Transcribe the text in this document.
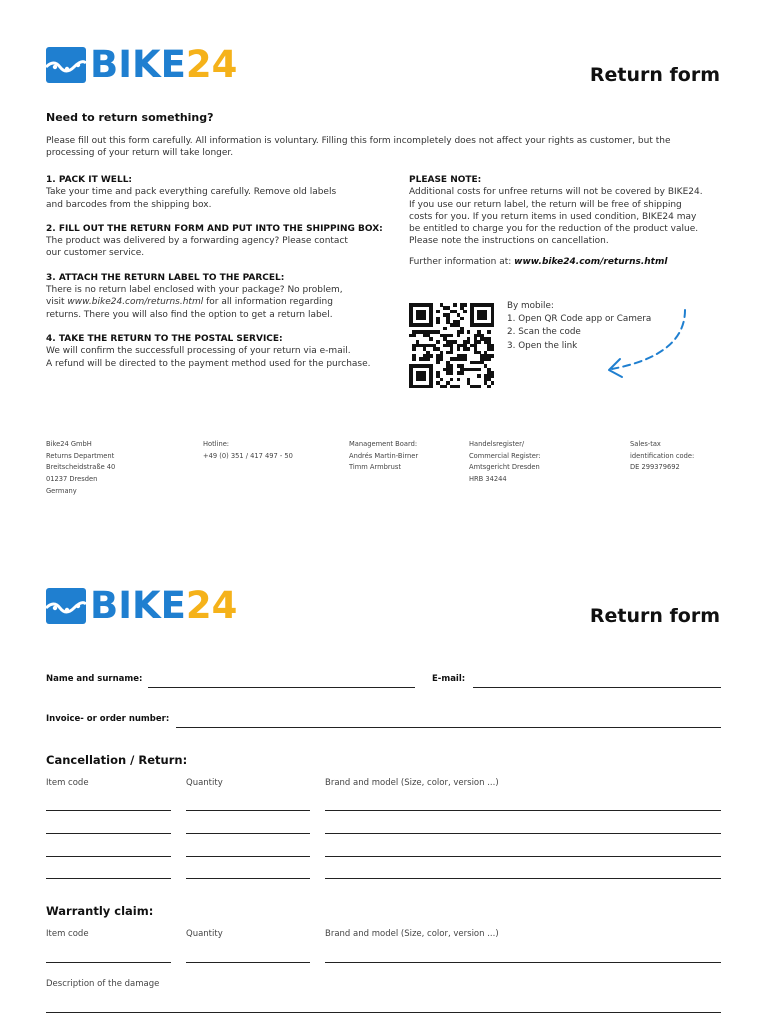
BIKE24	Return form
Need to return something?
Please fill out this form carefully. All information is voluntary. Filling this form incompletely does not affect your rights as customer, but the processing of your return will take longer.
1. PACK IT WELL:

Take your time and pack everything carefully. Remove old labels

and barcodes from the shipping box.

2. FILL OUT THE RETURN FORM AND PUT INTO THE SHIPPING BOX:

The product was delivered by a forwarding agency? Please contact

our customer service.

3. ATTACH THE RETURN LABEL TO THE PARCEL:

There is no return label enclosed with your package? No problem,

visit www.bike24.com/returns.html for all information regarding

returns. There you will also find the option to get a return label.

4. TAKE THE RETURN TO THE POSTAL SERVICE:

We will confirm the successfull processing of your return via e-mail.

A refund will be directed to the payment method used for the purchase.

PLEASE NOTE:

Additional costs for unfree returns will not be covered by BIKE24.

If you use our return label, the return will be free of shipping

costs for you. If you return items in used condition, BIKE24 may

be entitled to charge you for the reduction of the product value.

Please note the instructions on cancellation.

Further information at: www.bike24.com/returns.html

By mobile:

1. Open QR Code app or Camera

2. Scan the code

3. Open the link

Bike24 GmbH
Returns Department
Breitscheidstraße 40
01237 Dresden
Germany
Hotline:
+49 (0) 351 / 417 497 - 50
Management Board:
Andrés Martin-Birner
Timm Armbrust
Handelsregister/
Commercial Register:
Amtsgericht Dresden
HRB 34244
Sales-tax
identification code:
DE 299379692
BIKE24	Return form
Name and surname:	E-mail:
Invoice- or order number:
Cancellation / Return:
Item code	Quantity	Brand and model (Size, color, version ...)
Warrantly claim:
Item code	Quantity	Brand and model (Size, color, version ...)
Description of the damage
